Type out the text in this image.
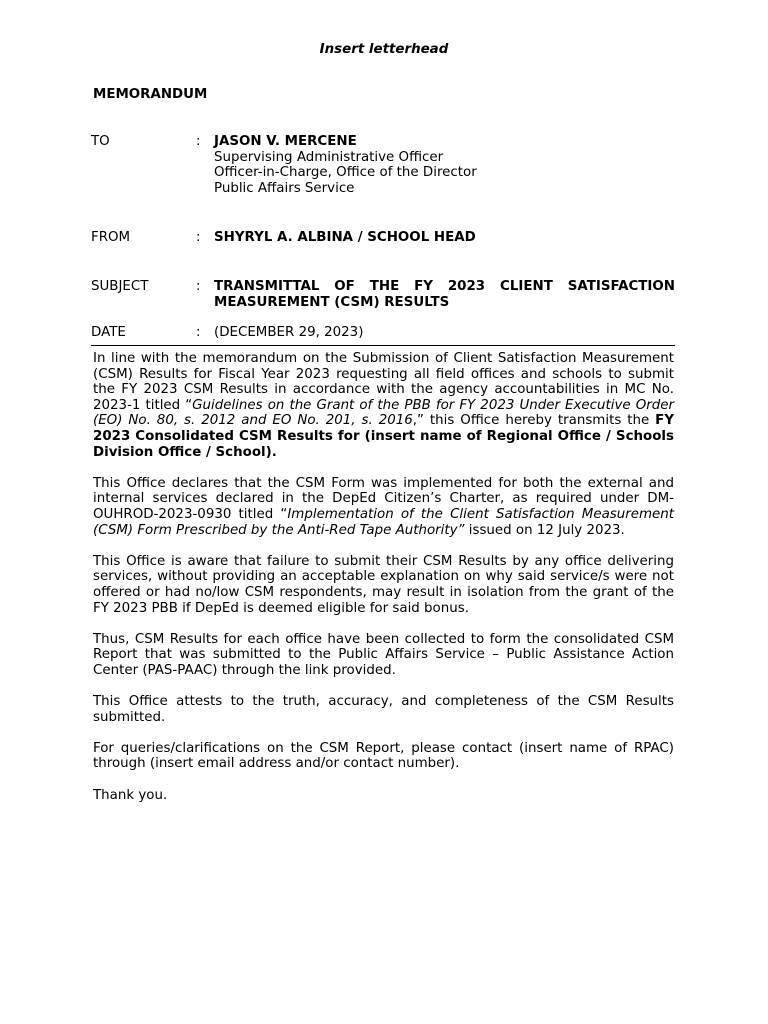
Insert letterhead
MEMORANDUM
TO	: JASON V. MERCENE
Supervising Administrative Officer
Officer-in-Charge, Office of the Director
Public Affairs Service
FROM	: SHYRYL A. ALBINA / SCHOOL HEAD
SUBJECT	: TRANSMITTAL OF THE FY 2023 CLIENT SATISFACTION MEASUREMENT (CSM) RESULTS
DATE	: (DECEMBER 29, 2023)

In line with the memorandum on the Submission of Client Satisfaction Measurement (CSM) Results for Fiscal Year 2023 requesting all field offices and schools to submit the FY 2023 CSM Results in accordance with the agency accountabilities in MC No. 2023-1 titled “Guidelines on the Grant of the PBB for FY 2023 Under Executive Order (EO) No. 80, s. 2012 and EO No. 201, s. 2016,” this Office hereby transmits the FY 2023 Consolidated CSM Results for (insert name of Regional Office / Schools Division Office / School).

This Office declares that the CSM Form was implemented for both the external and internal services declared in the DepEd Citizen’s Charter, as required under DM-OUHROD-2023-0930 titled “Implementation of the Client Satisfaction Measurement (CSM) Form Prescribed by the Anti-Red Tape Authority” issued on 12 July 2023.

This Office is aware that failure to submit their CSM Results by any office delivering services, without providing an acceptable explanation on why said service/s were not offered or had no/low CSM respondents, may result in isolation from the grant of the FY 2023 PBB if DepEd is deemed eligible for said bonus.

Thus, CSM Results for each office have been collected to form the consolidated CSM Report that was submitted to the Public Affairs Service – Public Assistance Action Center (PAS-PAAC) through the link provided.

This Office attests to the truth, accuracy, and completeness of the CSM Results submitted.

For queries/clarifications on the CSM Report, please contact (insert name of RPAC) through (insert email address and/or contact number).

Thank you.
